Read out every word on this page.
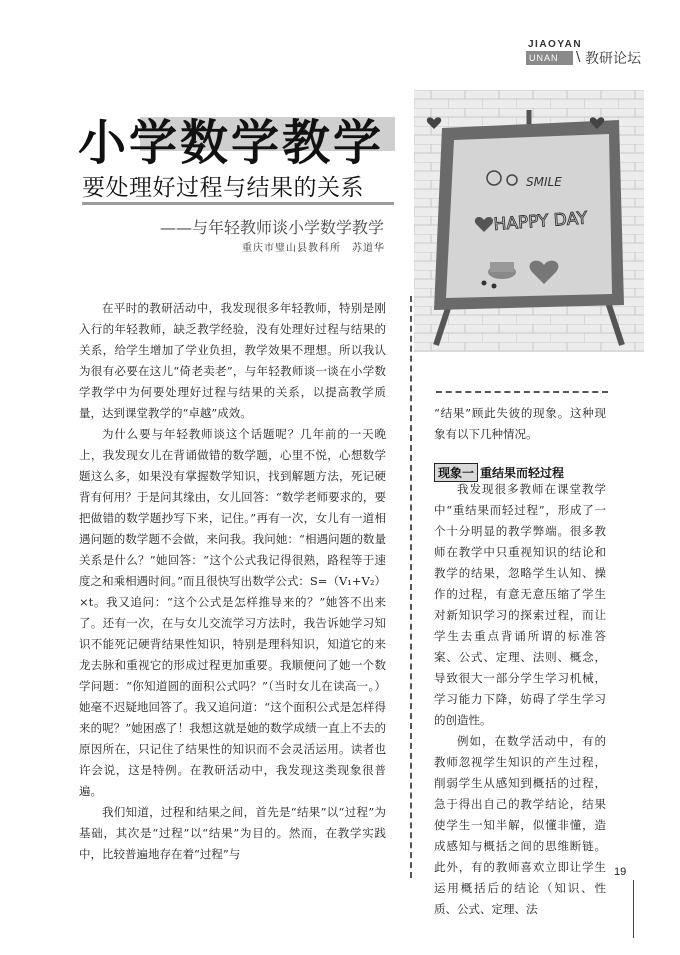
JIAOYAN
UNAN	\ 教研论坛
小学数学教学
要处理好过程与结果的关系
——与年轻教师谈小学数学教学
重庆市璧山县教科所　苏道华
SMILE
HAPPY DAY

在平时的教研活动中，我发现很多年轻教师，特别是刚入行的年轻教师，缺乏教学经验，没有处理好过程与结果的关系，给学生增加了学业负担，教学效果不理想。所以我认为很有必要在这儿“倚老卖老”，与年轻教师谈一谈在小学数学教学中为何要处理好过程与结果的关系，以提高教学质量，达到课堂教学的“卓越”成效。

为什么要与年轻教师谈这个话题呢？几年前的一天晚上，我发现女儿在背诵做错的数学题，心里不悦，心想数学题这么多，如果没有掌握数学知识，找到解题方法，死记硬背有何用？于是问其缘由，女儿回答：“数学老师要求的，要把做错的数学题抄写下来，记住。”再有一次，女儿有一道相遇问题的数学题不会做，来问我。我问她：“相遇问题的数量关系是什么？”她回答：“这个公式我记得很熟，路程等于速度之和乘相遇时间。”而且很快写出数学公式：S=（V₁+V₂）×t。我又追问：“这个公式是怎样推导来的？”她答不出来了。还有一次，在与女儿交流学习方法时，我告诉她学习知识不能死记硬背结果性知识，特别是理科知识，知道它的来龙去脉和重视它的形成过程更加重要。我顺便问了她一个数学问题：“你知道圆的面积公式吗？”（当时女儿在读高一。）她毫不迟疑地回答了。我又追问道：“这个面积公式是怎样得来的呢？”她困惑了！我想这就是她的数学成绩一直上不去的原因所在，只记住了结果性的知识而不会灵活运用。读者也许会说，这是特例。在教研活动中，我发现这类现象很普遍。

我们知道，过程和结果之间，首先是“结果”以“过程”为基础，其次是“过程”以“结果”为目的。然而，在教学实践中，比较普遍地存在着“过程”与

“结果”顾此失彼的现象。这种现象有以下几种情况。

我发现很多教师在课堂教学中“重结果而轻过程”，形成了一个十分明显的教学弊端。很多教师在教学中只重视知识的结论和教学的结果，忽略学生认知、操作的过程，有意无意压缩了学生对新知识学习的探索过程，而让学生去重点背诵所谓的标准答案、公式、定理、法则、概念，导致很大一部分学生学习机械，学习能力下降，妨碍了学生学习的创造性。

例如，在数学活动中，有的教师忽视学生知识的产生过程，削弱学生从感知到概括的过程，急于得出自己的教学结论，结果使学生一知半解，似懂非懂，造成感知与概括之间的思维断链。此外，有的教师喜欢立即让学生运用概括后的结论（知识、性质、公式、定理、法

现象一 重结果而轻过程
19
